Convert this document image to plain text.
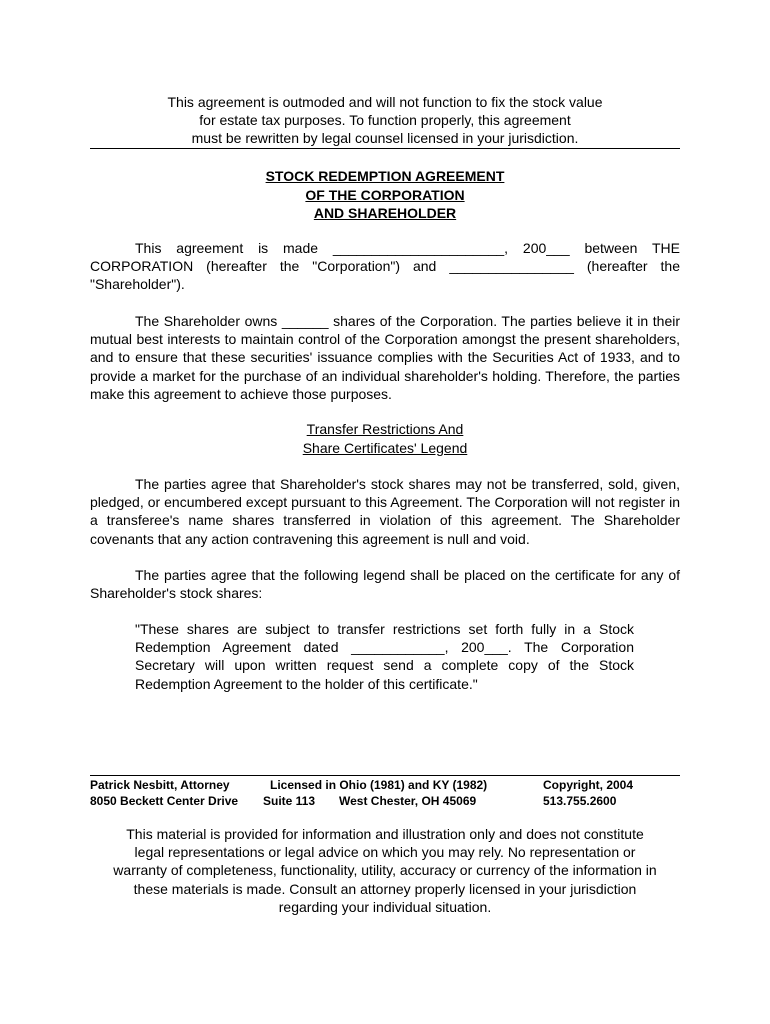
This agreement is outmoded and will not function to fix the stock value
for estate tax purposes. To function properly, this agreement
must be rewritten by legal counsel licensed in your jurisdiction.
STOCK REDEMPTION AGREEMENT
OF THE CORPORATION
AND SHAREHOLDER
This agreement is made ______________________, 200___ between THE CORPORATION (hereafter the "Corporation") and ________________ (hereafter the "Shareholder").
The Shareholder owns ______ shares of the Corporation. The parties believe it in their mutual best interests to maintain control of the Corporation amongst the present shareholders, and to ensure that these securities' issuance complies with the Securities Act of 1933, and to provide a market for the purchase of an individual shareholder's holding. Therefore, the parties make this agreement to achieve those purposes.
Transfer Restrictions And
Share Certificates' Legend
The parties agree that Shareholder's stock shares may not be transferred, sold, given, pledged, or encumbered except pursuant to this Agreement. The Corporation will not register in a transferee's name shares transferred in violation of this agreement. The Shareholder covenants that any action contravening this agreement is null and void.
The parties agree that the following legend shall be placed on the certificate for any of Shareholder's stock shares:
"These shares are subject to transfer restrictions set forth fully in a Stock Redemption Agreement dated ____________, 200___. The Corporation Secretary will upon written request send a complete copy of the Stock Redemption Agreement to the holder of this certificate."
Patrick Nesbitt, Attorney	Licensed in Ohio (1981) and KY (1982)	Copyright, 2004
8050 Beckett Center Drive Suite 113 West Chester, OH 45069	513.755.2600
This material is provided for information and illustration only and does not constitute
legal representations or legal advice on which you may rely. No representation or
warranty of completeness, functionality, utility, accuracy or currency of the information in
these materials is made. Consult an attorney properly licensed in your jurisdiction
regarding your individual situation.
